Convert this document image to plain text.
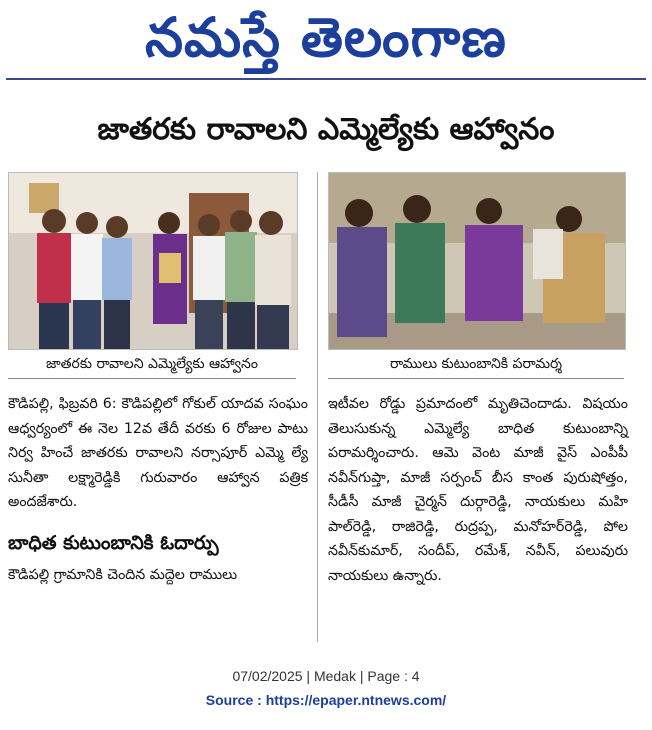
నమస్తే తెలంగాణ
జాతరకు రావాలని ఎమ్మెల్యేకు ఆహ్వానం
జాతరకు రావాలని ఎమ్మెల్యేకు ఆహ్వానం	రాములు కుటుంబానికి పరామర్శ

కౌడిపల్లి, ఫిబ్రవరి 6: కౌడిపల్లిలో గోకుల్ యాదవ సంఘం ఆధ్వర్యంలో ఈ నెల 12వ తేదీ వరకు 6 రోజుల పాటు నిర్వ హించే జాతరకు రావాలని నర్సాపూర్ ఎమ్మె ల్యే సునీతా లక్ష్మారెడ్డికి గురువారం ఆహ్వాన పత్రిక అందజేశారు.

బాధిత కుటుంబానికి ఓదార్పు

కౌడిపల్లి గ్రామానికి చెందిన మద్దెల రాములు

ఇటీవల రోడ్డు ప్రమాదంలో మృతిచెందాడు. విషయం తెలుసుకున్న ఎమ్మెల్యే బాధిత కుటుంబాన్ని పరామర్శించారు. ఆమె వెంట మాజీ వైస్ ఎంపీపీ నవీన్‌గుప్తా, మాజీ సర్పంచ్ బీస కాంత పురుషోత్తం, సీడీసీ మాజీ చైర్మన్ దుర్గారెడ్డి, నాయకులు మహి పాల్‌రెడ్డి, రాజిరెడ్డి, రుద్రప్ప, మనోహర్‌రెడ్డి, పోల నవీన్‌కుమార్, సందీప్, రమేశ్, నవీన్, పలువురు నాయకులు ఉన్నారు.

07/02/2025 | Medak | Page : 4
Source : https://epaper.ntnews.com/
